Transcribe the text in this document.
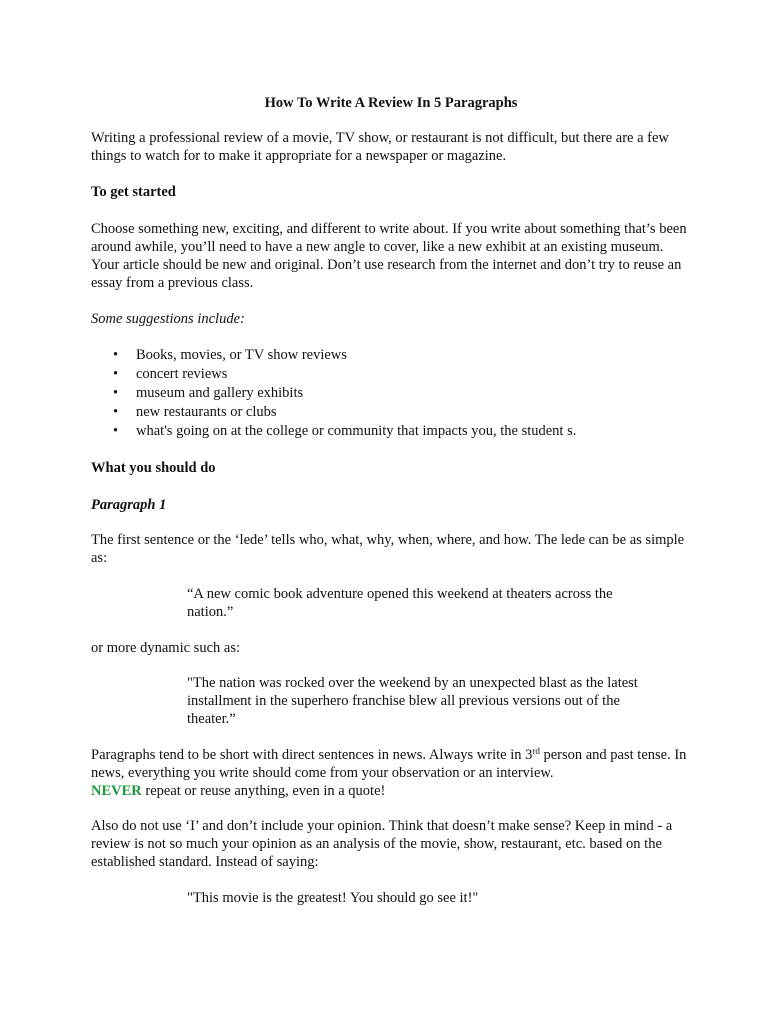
How To Write A Review In 5 Paragraphs
Writing a professional review of a movie, TV show, or restaurant is not difficult, but there are a few things to watch for to make it appropriate for a newspaper or magazine.
To get started
Choose something new, exciting, and different to write about. If you write about something that’s been around awhile, you’ll need to have a new angle to cover, like a new exhibit at an existing museum. Your article should be new and original. Don’t use research from the internet and don’t try to reuse an essay from a previous class.
Some suggestions include:
• Books, movies, or TV show reviews
• concert reviews
• museum and gallery exhibits
• new restaurants or clubs
• what's going on at the college or community that impacts you, the student s.
What you should do
Paragraph 1
The first sentence or the ‘lede’ tells who, what, why, when, where, and how. The lede can be as simple as:
“A new comic book adventure opened this weekend at theaters across the nation.”
or more dynamic such as:
"The nation was rocked over the weekend by an unexpected blast as the latest installment in the superhero franchise blew all previous versions out of the theater.”
Paragraphs tend to be short with direct sentences in news. Always write in 3rd person and past tense. In news, everything you write should come from your observation or an interview.
NEVER repeat or reuse anything, even in a quote!
Also do not use ‘I’ and don’t include your opinion. Think that doesn’t make sense? Keep in mind - a review is not so much your opinion as an analysis of the movie, show, restaurant, etc. based on the established standard. Instead of saying:
"This movie is the greatest! You should go see it!"
